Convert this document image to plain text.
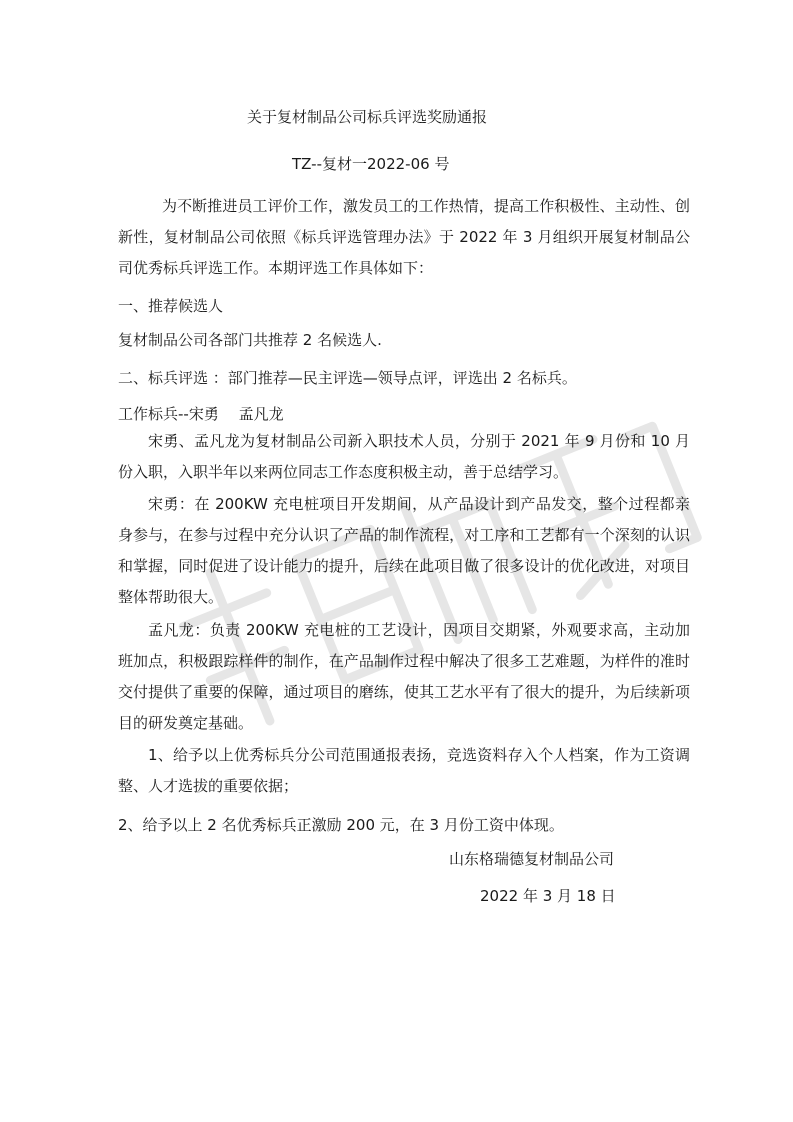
关于复材制品公司标兵评选奖励通报
TZ--复材一2022-06 号
为不断推进员工评价工作，激发员工的工作热情，提高工作积极性、主动性、创新性，复材制品公司依照《标兵评选管理办法》于 2022 年 3 月组织开展复材制品公司优秀标兵评选工作。本期评选工作具体如下：
一、推荐候选人
复材制品公司各部门共推荐 2 名候选人.
二、标兵评选 ：部门推荐—民主评选—领导点评，评选出 2 名标兵。
工作标兵--宋勇　 孟凡龙
宋勇、孟凡龙为复材制品公司新入职技术人员，分别于 2021 年 9 月份和 10 月份入职，入职半年以来两位同志工作态度积极主动，善于总结学习。
宋勇：在 200KW 充电桩项目开发期间，从产品设计到产品发交，整个过程都亲身参与，在参与过程中充分认识了产品的制作流程，对工序和工艺都有一个深刻的认识和掌握，同时促进了设计能力的提升，后续在此项目做了很多设计的优化改进，对项目整体帮助很大。
孟凡龙：负责 200KW 充电桩的工艺设计，因项目交期紧，外观要求高，主动加班加点，积极跟踪样件的制作，在产品制作过程中解决了很多工艺难题，为样件的准时交付提供了重要的保障，通过项目的磨练，使其工艺水平有了很大的提升，为后续新项目的研发奠定基础。
1、给予以上优秀标兵分公司范围通报表扬，竞选资料存入个人档案，作为工资调整、人才选拔的重要依据；
2、给予以上 2 名优秀标兵正激励 200 元，在 3 月份工资中体现。
山东格瑞德复材制品公司
2022 年 3 月 18 日
